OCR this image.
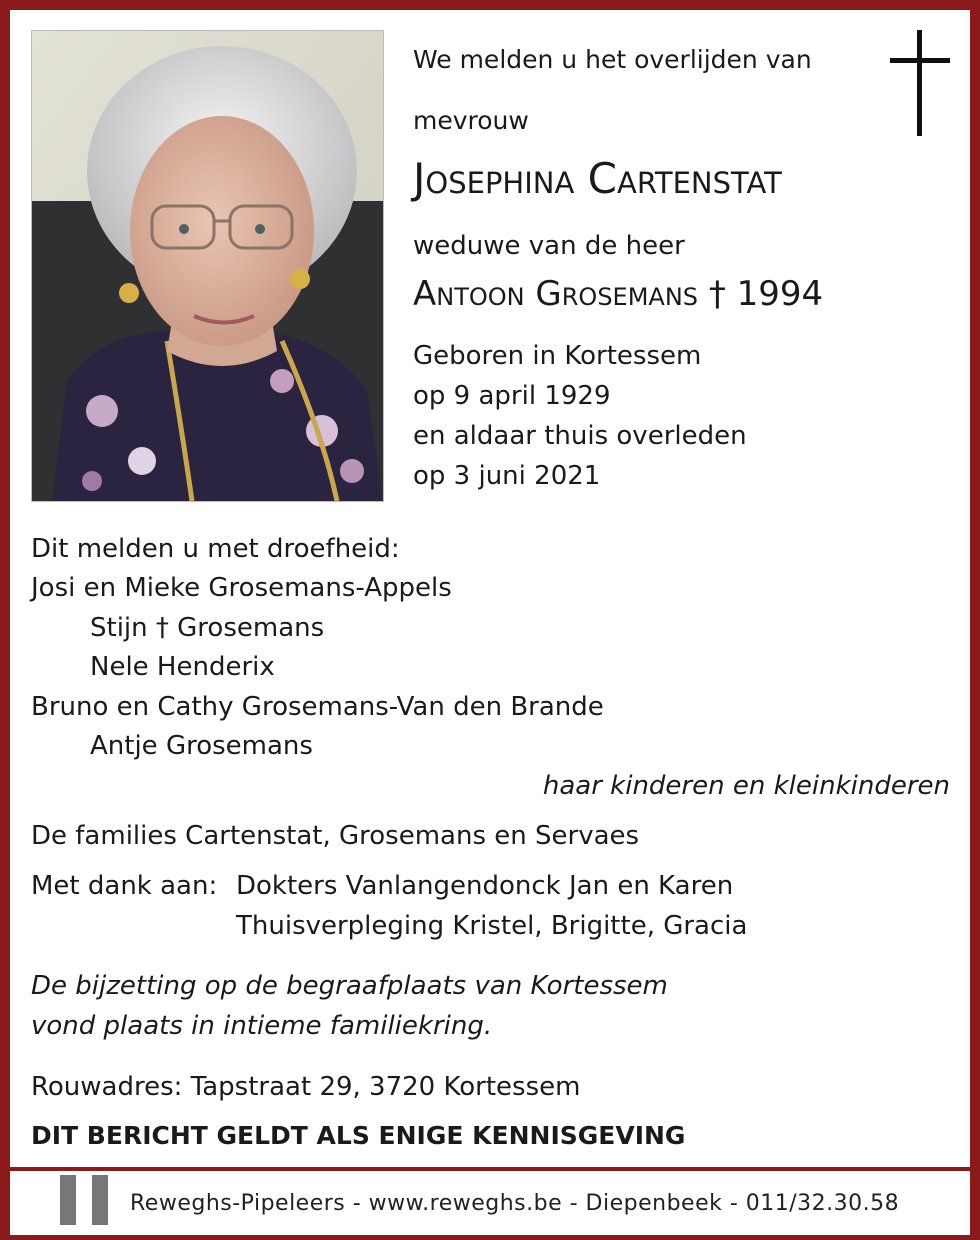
We melden u het overlijden van
mevrouw
Josephina Cartenstat
weduwe van de heer
Antoon Grosemans † 1994
Geboren in Kortessem
op 9 april 1929
en aldaar thuis overleden
op 3 juni 2021
Dit melden u met droefheid:
Josi en Mieke Grosemans-Appels
Stijn † Grosemans
Nele Henderix
Bruno en Cathy Grosemans-Van den Brande
Antje Grosemans
haar kinderen en kleinkinderen
De families Cartenstat, Grosemans en Servaes
Met dank aan: Dokters Vanlangendonck Jan en Karen
Thuisverpleging Kristel, Brigitte, Gracia
De bijzetting op de begraafplaats van Kortessem
vond plaats in intieme familiekring.
Rouwadres: Tapstraat 29, 3720 Kortessem
DIT BERICHT GELDT ALS ENIGE KENNISGEVING
Reweghs-Pipeleers - www.reweghs.be - Diepenbeek - 011/32.30.58
